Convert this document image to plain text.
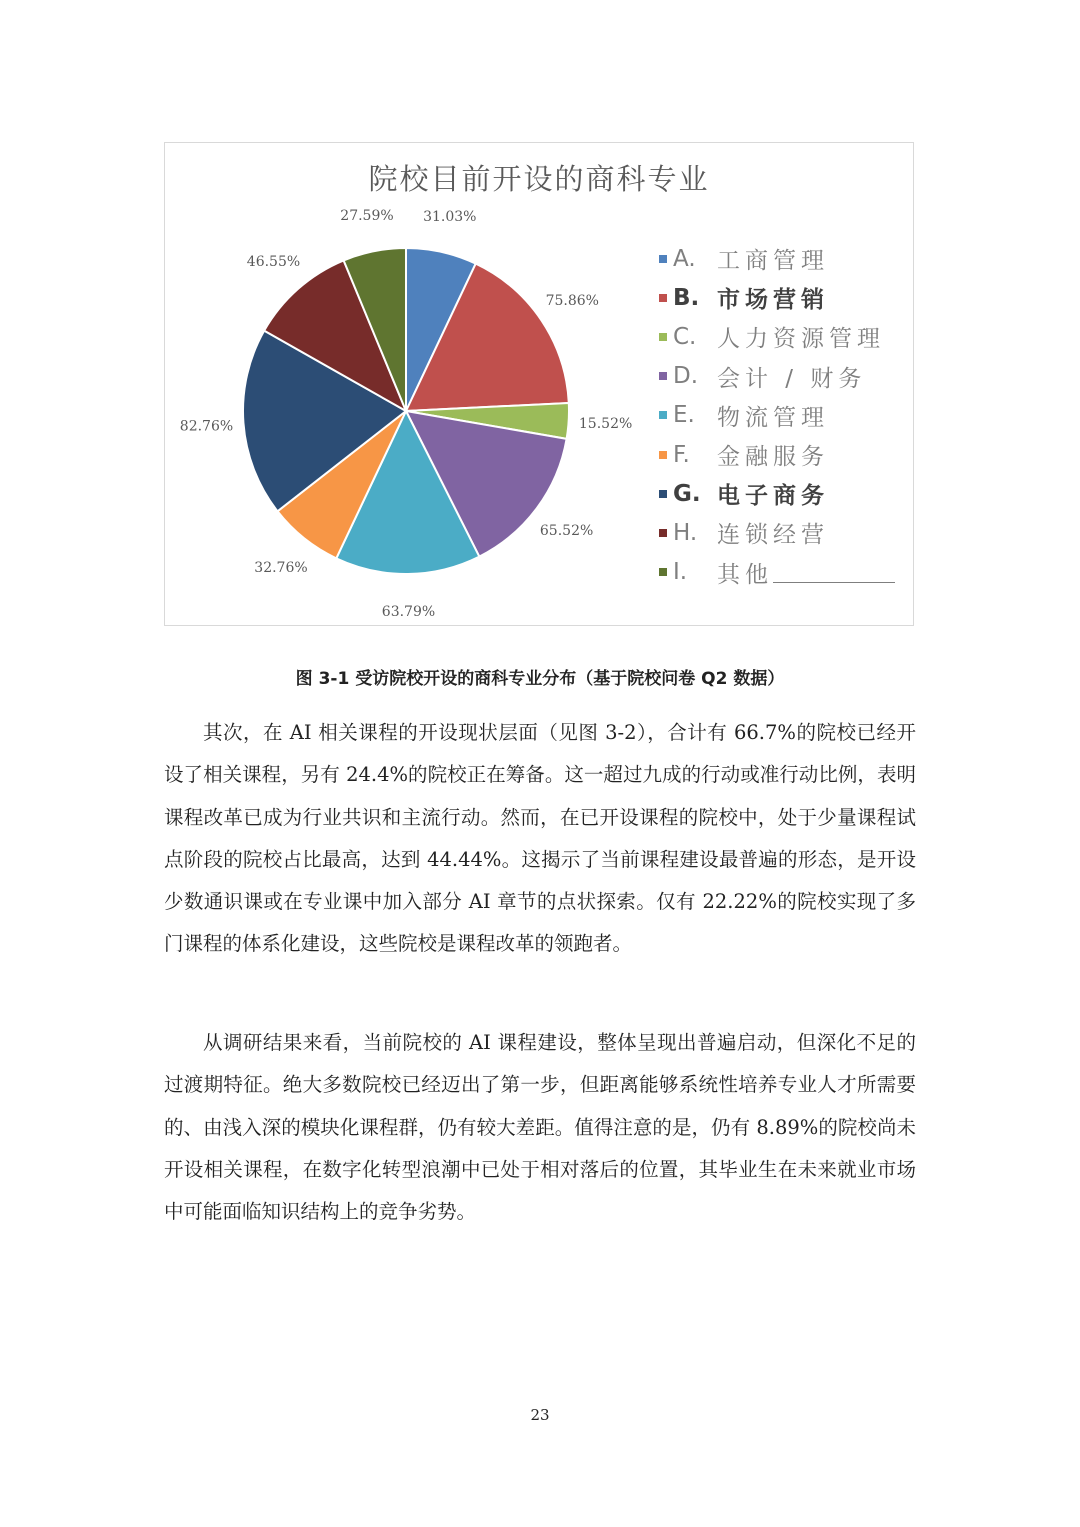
院校目前开设的商科专业
31.03%
75.86%
15.52%
65.52%
63.79%
32.76%
82.76%
46.55%
27.59%
A. 工商管理
B. 市场营销
C. 人力资源管理
D. 会计 / 财务
E. 物流管理
F.	金融服务
G. 电子商务
H. 连锁经营
I.	其他
图 3-1 受访院校开设的商科专业分布（基于院校问卷 Q2 数据）

其次，在 AI 相关课程的开设现状层面（见图 3-2），合计有 66.7%的院校已经开设了相关课程，另有 24.4%的院校正在筹备。这一超过九成的行动或准行动比例，表明课程改革已成为行业共识和主流行动。然而，在已开设课程的院校中，处于少量课程试点阶段的院校占比最高，达到 44.44%。这揭示了当前课程建设最普遍的形态，是开设少数通识课或在专业课中加入部分 AI 章节的点状探索。仅有 22.22%的院校实现了多门课程的体系化建设，这些院校是课程改革的领跑者。

从调研结果来看，当前院校的 AI 课程建设，整体呈现出普遍启动，但深化不足的过渡期特征。绝大多数院校已经迈出了第一步，但距离能够系统性培养专业人才所需要的、由浅入深的模块化课程群，仍有较大差距。值得注意的是，仍有 8.89%的院校尚未开设相关课程，在数字化转型浪潮中已处于相对落后的位置，其毕业生在未来就业市场中可能面临知识结构上的竞争劣势。

23
